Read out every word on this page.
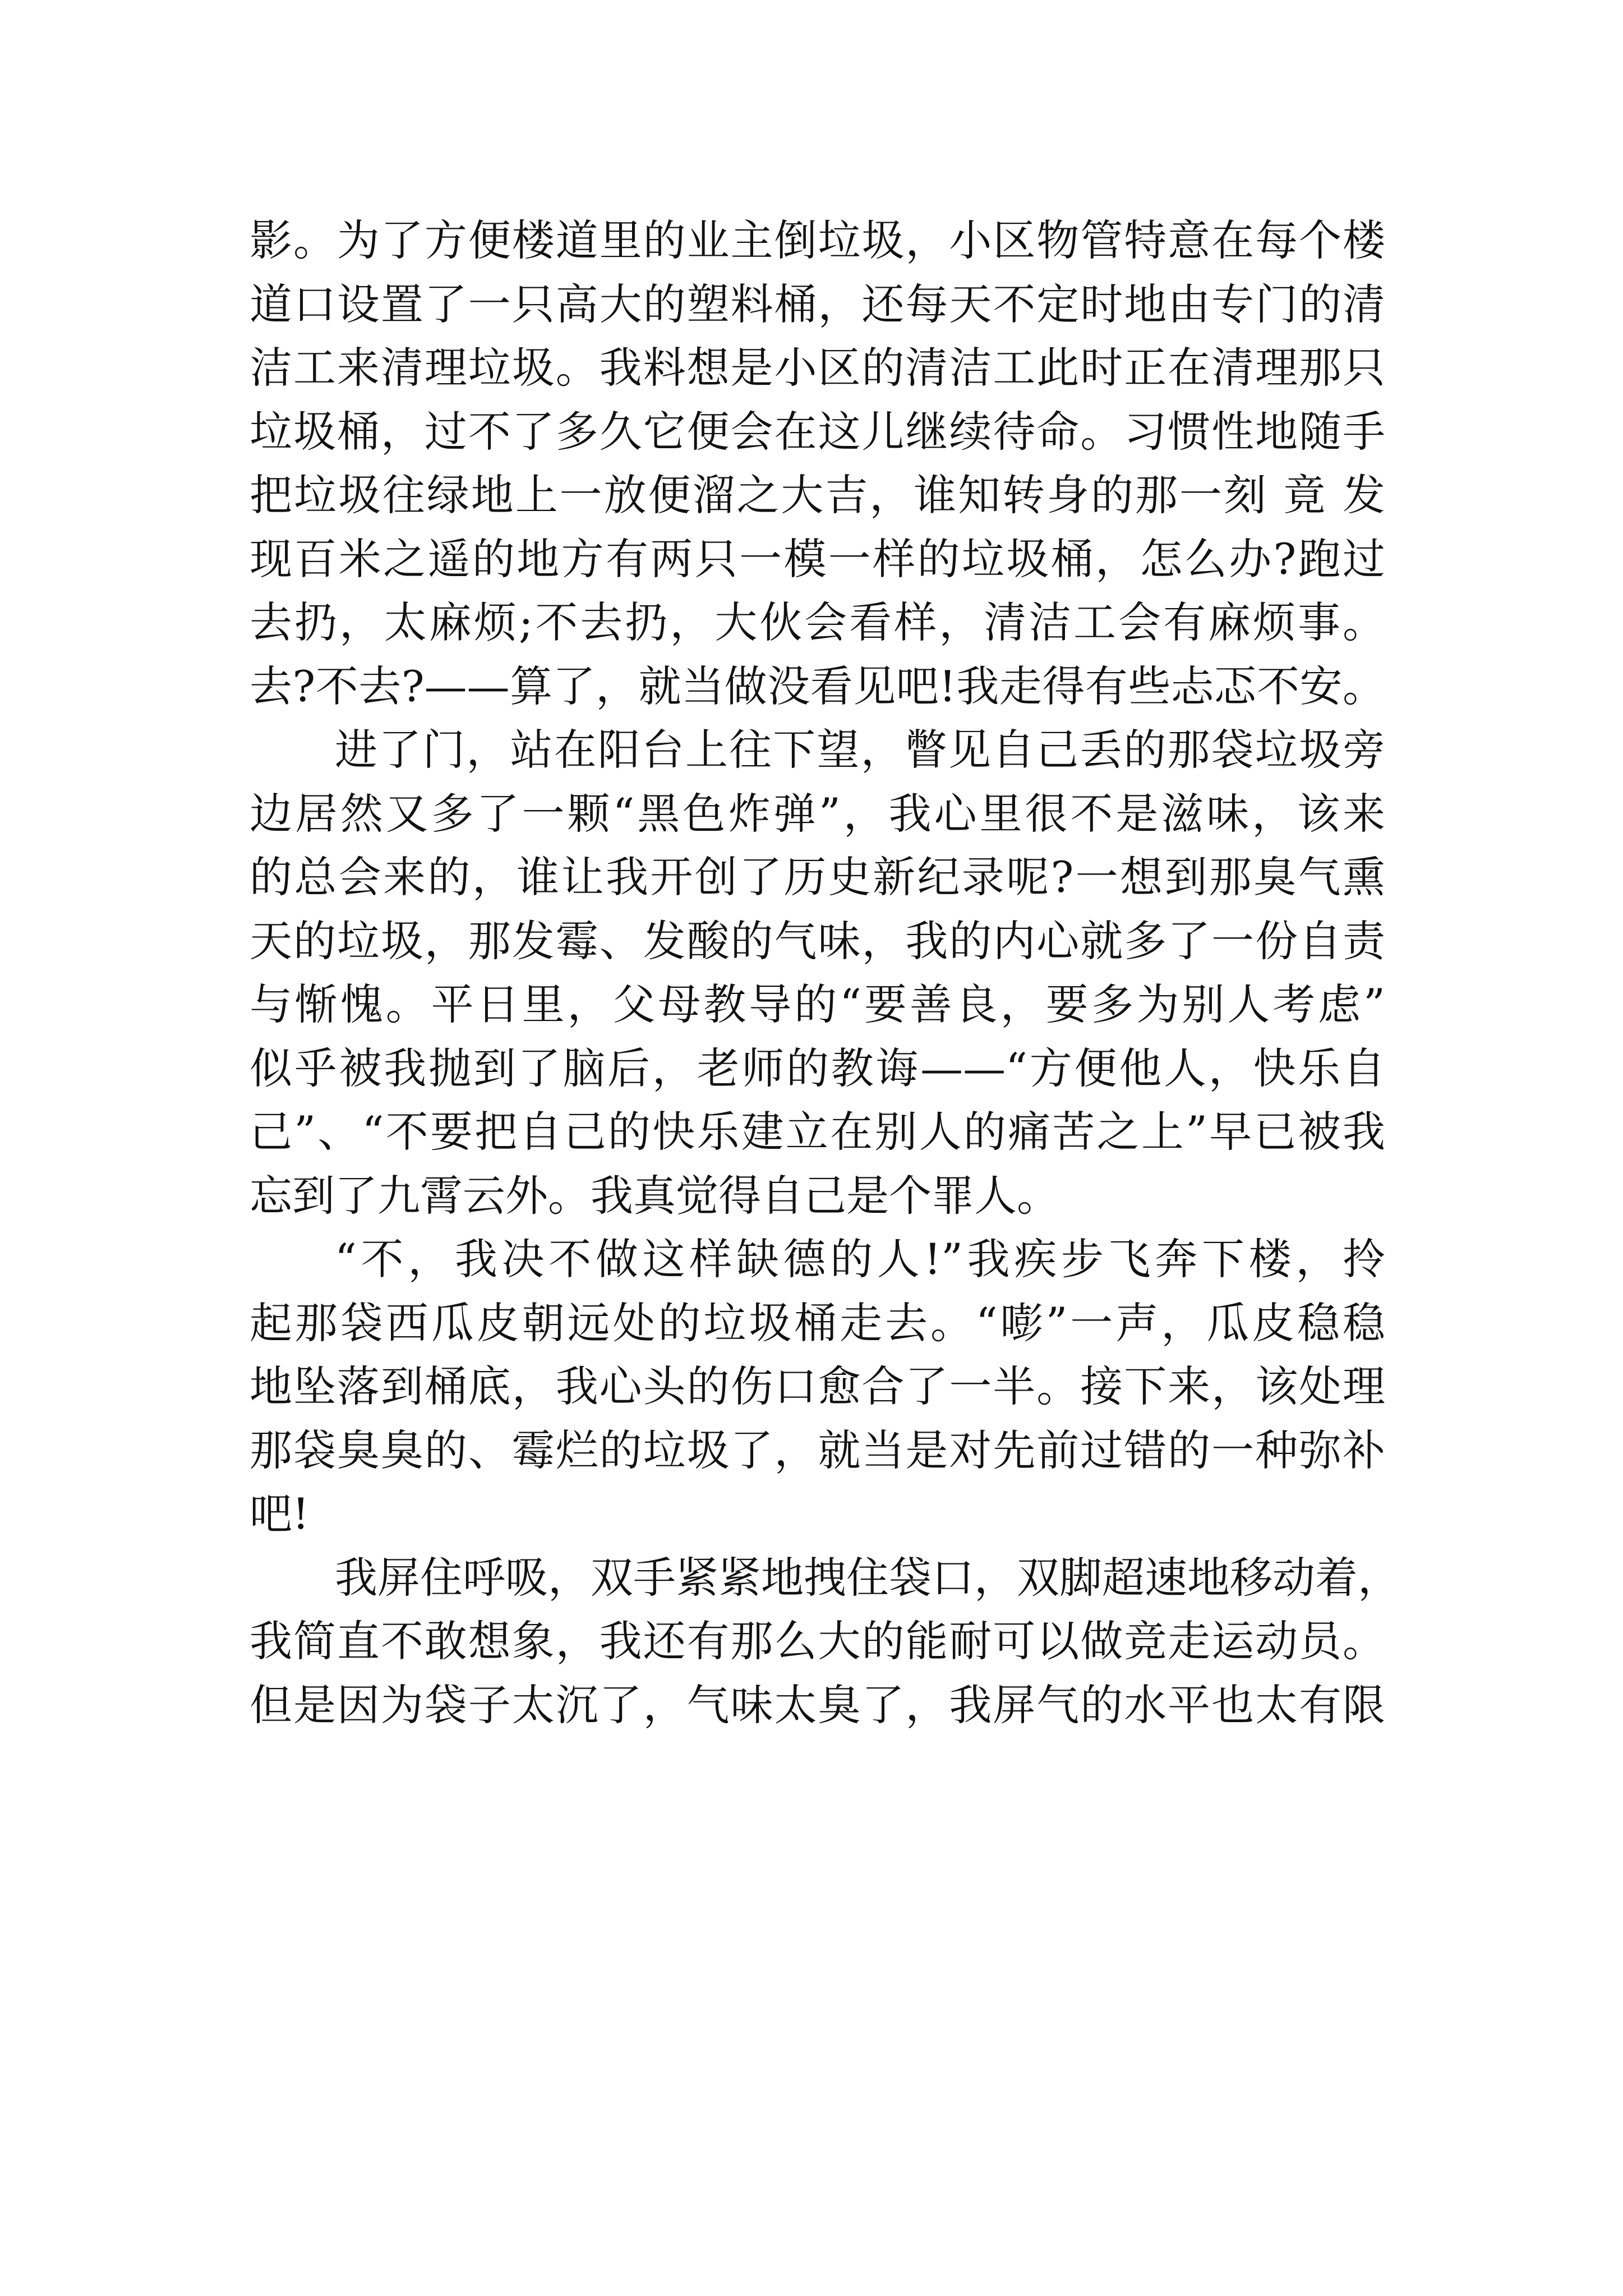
影。为了方便楼道里的业主倒垃圾，小区物管特意在每个楼
道口设置了一只高大的塑料桶，还每天不定时地由专门的清
洁工来清理垃圾。我料想是小区的清洁工此时正在清理那只
垃圾桶，过不了多久它便会在这儿继续待命。习惯性地随手
把垃圾往绿地上一放便溜之大吉，谁知转身的那一刻 竟 发
现百米之遥的地方有两只一模一样的垃圾桶，怎么办?跑过
去扔，太麻烦;不去扔，大伙会看样，清洁工会有麻烦事。
去?不去?——算了，就当做没看见吧!我走得有些忐忑不安。
进了门，站在阳台上往下望，瞥见自己丢的那袋垃圾旁
边居然又多了一颗“黑色炸弹”，我心里很不是滋味，该来
的总会来的，谁让我开创了历史新纪录呢?一想到那臭气熏
天的垃圾，那发霉、发酸的气味，我的内心就多了一份自责
与惭愧。平日里，父母教导的“要善良，要多为别人考虑”
似乎被我抛到了脑后，老师的教诲——“方便他人，快乐自
己”、“不要把自己的快乐建立在别人的痛苦之上”早已被我
忘到了九霄云外。我真觉得自己是个罪人。
“不，我决不做这样缺德的人!”我疾步飞奔下楼，拎
起那袋西瓜皮朝远处的垃圾桶走去。“嘭”一声，瓜皮稳稳
地坠落到桶底，我心头的伤口愈合了一半。接下来，该处理
那袋臭臭的、霉烂的垃圾了，就当是对先前过错的一种弥补
吧!
我屏住呼吸，双手紧紧地拽住袋口，双脚超速地移动着，
我简直不敢想象，我还有那么大的能耐可以做竞走运动员。
但是因为袋子太沉了，气味太臭了，我屏气的水平也太有限
